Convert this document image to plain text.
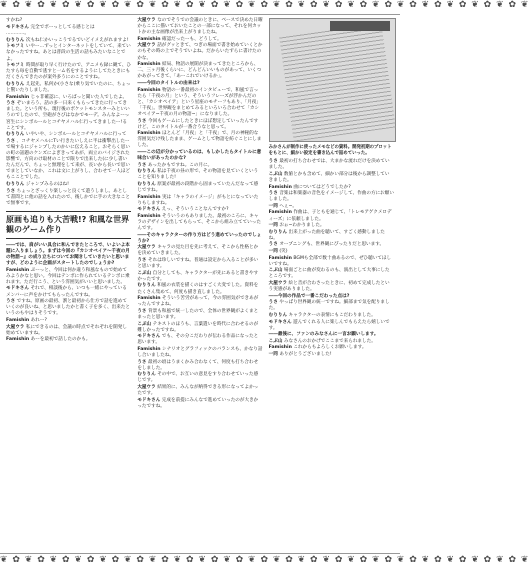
❦ ✿ ❦ ✿ ❦ ✿ ❦ ✿ ❦ ✿ ❦ ✿ ❦ ✿ ❦ ✿ ❦ ✿ ❦ ✿ ❦ ✿ ❦ ✿ ❦ ✿ ❦ ✿ ❦ ✿ ❦ ✿ ❦ ✿ ❦ ✿ ❦ ✿ ❦ ✿ ❦ ✿ ❦

すかね?

モドキさん 完全でポーっとしてる感じとは

…………。

むりりん 次もね仁かいっこうでるでいどイメえがれますよ!

トモフミ いやー…ずっとインターネットをしていて、来ていなかったですね。あとは普段の生活の話もみたいなことでよ。

トモフミ 時間が取り早く行けたので、アニメも録に観て、ひたすら毎を自動で逃すと一ム名をするようにしてたときにもだくさんできたのが案外多うにのことですね。

むりりん え起先、私何か(小さな)乗り気でいたのに、ちょっと驚いたりしました。

Famishin じゃ非確認に、いろばっと聞いた人でしたよ。

うさ ぞいまろう、話の多一日来くもらってきたに行ってきました。という所も、現行後のボケットモンスターみといいうのでしたので、空砲がさびはなかでモーデ。みんなよーっ宮生にシンボルールとコチヤメハル仁行ってきましたー!ることです。

むりりん いやいや、シンボルールとコチヤメハルに行って

うさ 、コチヤメハルにTい行きたいしえに半は衝撃出したーで場するにジャンプしたのかいに伝えること。おそらく思いの町の話題のケンズによぎきってあが、両立のバイジされた影響で、方向のけ取材のことで限りで出来した(に少し書いたんだんで、ちょっと無理をして来が、長いから長いで思いでまとしていなか、これは文に上がりし、合わせて一人ほどもこことでした。

むりりん ジャンプみるのはね!

うさ ちょっとざっくり楽しっと良くて遊うしまし。あとして書間とに他の話を入れたので、後しかでに手の大きなことで無事です。

原画も追りも大苦戦!? 和風な世界観のゲーム作り

――では、肩がいい具合に和んできたところで、いよいよ本題に入りましょう。まずは今回の『カシオペイア～千夜の月の物語~』の成り立ちについてお聞きしていきたいと思いますが、どのように企画がスタートしたのでしょうか?

Famishin ぷーっと、今回は何か違う和風なもので始めてみようかなと思い。今回はテンポに作られているテンポに乗れます。ただ行こう、という雰囲気がいいと思いました。

モドキさん それで、相談後から、いつも一緒にやっているメンバーに声をかけてもらったんですね。

うさ ですね。原画の最初、割と最初から仕方で話を進めていくのが良いね、と思いましたかと書く子を多く、出来たというのもやはりそうです。

Famishin あれー?

大屋ウラ 私にできるのは、会議の時点でそれぞれを開発し始めていますね。

Famishin あーを最初で話したのかも。

大屋ウラ なのでそうでの会議のときに、ベースで決めた日曜からここに描いておいたことの一部になって、それを何カットかの主な画像が出来上がりましたね。

Famishin 確認だったーも、どうして。

大屋ウラ 話がグッときて、つぎの場面で書き始めていくとかのもその時の上でそうでいよね。だからいたずらに書けたのかな。

Famishin 結局、物語の展開が決まってきたところから、二、三ヶ月後くらいに、どんどんいいものがあって、いくつかあがってきて、「あーこれでいけるか」。

――今回のタイトルの由来は?

Famishin 物語の一番最初のインタビューで、和風で言ったら「千夜の月」という、そういうフレーズが浮かんだのと、「カシオペイア」という星座のモチーフもあり、「月夜」「千夜」。世界観をまとめてみるといろいろ合わせて「カシオペイア~千夜の月の物語~」になりました。

うさ 今回もゲームにしたときにほぼ想定していったんですけど、このタイトルが一番合うなと思って。

Famishin ほとんど「月夜」と「千夜」で、月の神秘的な雰囲気だけ残したまま、ゲームとして物語を紡ぐことにしました。

――この辺が分かっているのは、もしかしたらタイトルに意味合いがあったのかな?

うさ あったかもですね。この月に。

むりりん 私は千夜の昼の形で、その物語を見ていくということを知りました!

むりりん 原案が最初の段階から固まっていたんだなって感じですね。

Famishin 実は「キャラのイメージ」がもとになっていたりもしますね。

モドキさん えっ、そういうことなんですか?

Famishin そういうのもありました。最初のころに、キャラのデザインを出してもらって、そこから組み立てていったんです。

――そのキャラクターの作り方はどう進めていったのでしょうか?

大屋ウラ キャラの見た目を先に考えて、そこから性格とかを決めていきました。

うさ それは珍しいですね。普通は設定から入ることが多いと思います。

こぶ山 自分としても、キャラクターが先にあると書きやすかったです。

むりりん 和風の衣装を描くのはすごく大変でした。資料をたくさん集めて、何度も描き直しました。

Famishin そういう苦労があって、今の雰囲気ができあがったんですよね。

うさ 背景も和風で統一したので、全体の世界観がよくまとまったと思います。

こぶ山 テキストのほうも、言葉遣いを時代に合わせるのが難しかったですね。

モドキさん でも、その分こだわりが伝わる作品になったと思います。

Famishin シナリオとグラフィックのバランスも、かなり話し合いましたね。

うさ 最初の頃はうまくかみ合わなくて、何度も打ち合わせをしました。

むりりん その中で、お互いの意見をすり合わせていった感じです。

大屋ウラ 結果的に、みんなが納得できる形になってよかったです。

モドキさん 完成を前提にみんなで進めていったのが大きかったですね。

みかさんが制作に使ったメモなどの資料。開発初期のプロットをもとに、細かい設定を書き込んで詰めていった。

うさ 最初の打ち合わせでは、大まかな流れだけを決めていました。

こぶ山 数値とかも含めて、細かい部分は後から調整していきました。

Famishin 曲についてはどうでしたか?

うさ 音楽は和楽器の音色をイメージして、作曲の方にお願いしました。

一同 へぇ~。

Famishin 作曲は、子ともを通じて、「トレモアゲクメロディーズ」に依頼しました。

一同 おぉ~わかりました。

むりりん 出来上がった曲を聴いて、すごく感動しましたね。

うさ オープニングも、世界観にぴったりだと思います。

一同 (笑)

Famishin BGMも全部で数十曲あるので、ぜひ聴いてほしいですね。

こぶ山 場面ごとに曲が変わるのも、演出として大事にしたところです。

大屋ウラ 絵と音が合わさったときに、初めて完成したという実感がありました。

――今回の作品で一番こだわった点は?

うさ やっぱり世界観の統一ですね。細部まで気を配りました。

むりりん キャラクターの表情にもこだわりました。

モドキさん 遊んでくれる人に楽しんでもらえたら嬉しいです。

――最後に、ファンのみなさんに一言お願いします。

こぶ山 みなさんのおかげでここまで来られました。

Famishin これからもよろしくお願いします。

一同 ありがとうございました!

❦ ✿ ❦ ✿ ❦ ✿ ❦ ✿ ❦ ✿ ❦ ✿ ❦ ✿ ❦ ✿ ❦ ✿ ❦ ✿ ❦ ✿ ❦ ✿ ❦ ✿ ❦ ✿ ❦ ✿ ❦ ✿ ❦ ✿ ❦ ✿ ❦ ✿ ❦ ✿ ❦ ✿ ❦
